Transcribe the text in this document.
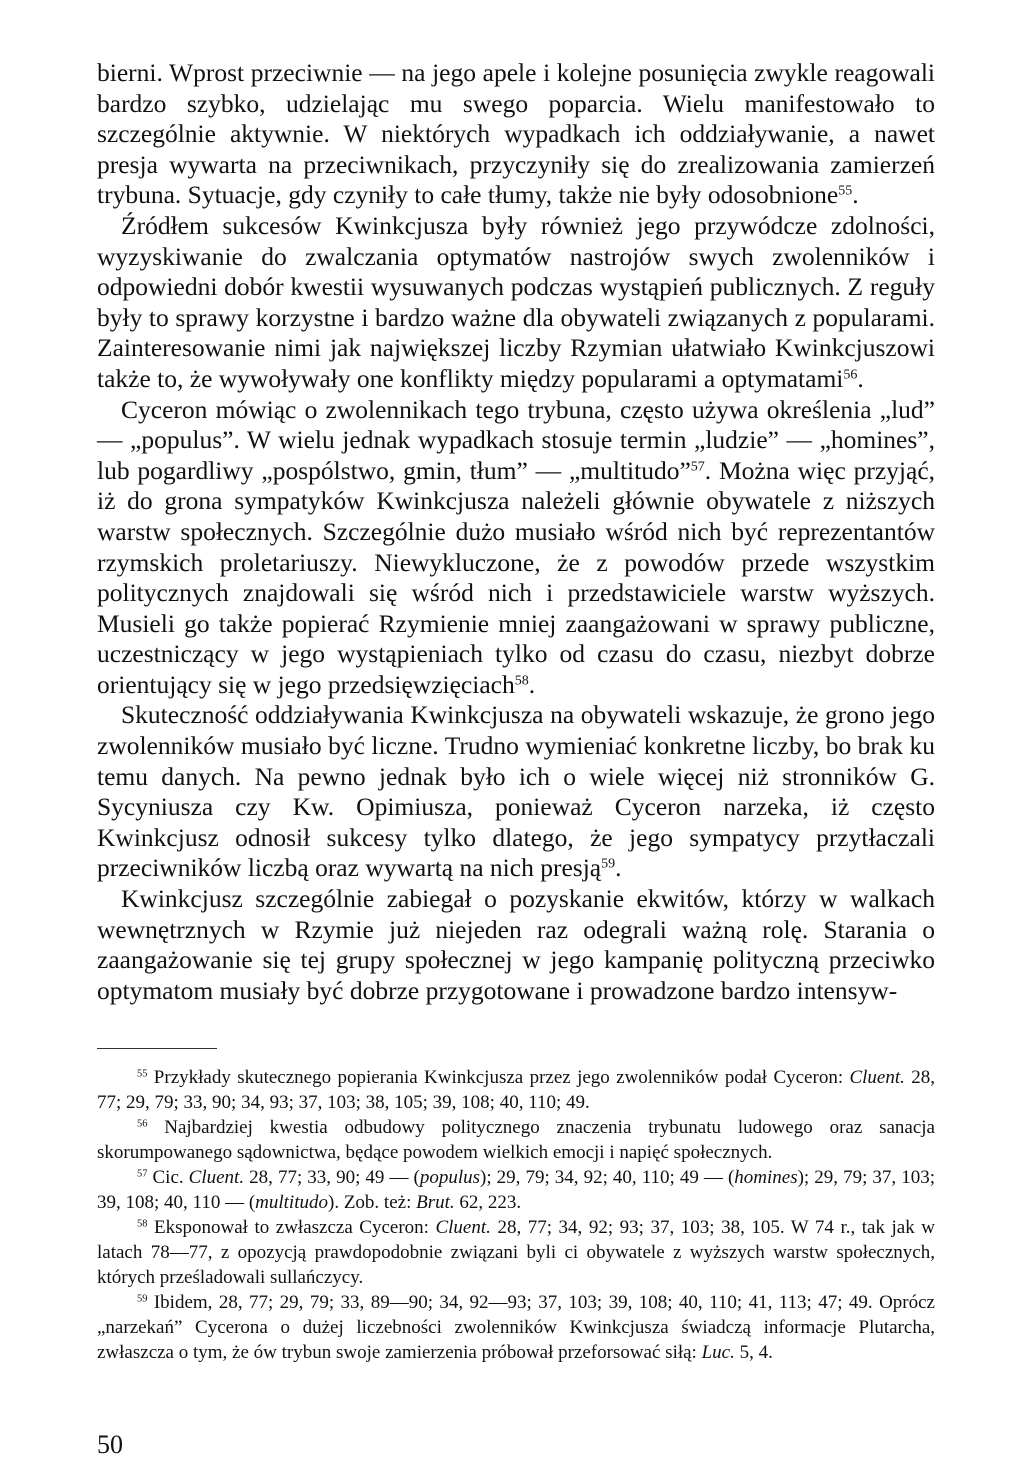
bierni. Wprost przeciwnie — na jego apele i kolejne posunięcia zwykle reagowali bardzo szybko, udzielając mu swego poparcia. Wielu manifestowało to szczególnie aktywnie. W niektórych wypadkach ich oddziaływanie, a nawet presja wywarta na przeciwnikach, przyczyniły się do zrealizowania zamierzeń trybuna. Sytuacje, gdy czyniły to całe tłumy, także nie były odosobnione$^{55}$.

Źródłem sukcesów Kwinkcjusza były również jego przywódcze zdolności, wyzyskiwanie do zwalczania optymatów nastrojów swych zwolenników i odpowiedni dobór kwestii wysuwanych podczas wystąpień publicznych. Z reguły były to sprawy korzystne i bardzo ważne dla obywateli związanych z popularami. Zainteresowanie nimi jak największej liczby Rzymian ułatwiało Kwinkcjuszowi także to, że wywoływały one konflikty między popularami a optymatami$^{56}$.

Cyceron mówiąc o zwolennikach tego trybuna, często używa określenia „lud” — „populus”. W wielu jednak wypadkach stosuje termin „ludzie” — „homines”, lub pogardliwy „pospólstwo, gmin, tłum” — „multitudo”$^{57}$. Można więc przyjąć, iż do grona sympatyków Kwinkcjusza należeli głównie obywatele z niższych warstw społecznych. Szczególnie dużo musiało wśród nich być reprezentantów rzymskich proletariuszy. Niewykluczone, że z powodów przede wszystkim politycznych znajdowali się wśród nich i przedstawiciele warstw wyższych. Musieli go także popierać Rzymienie mniej zaangażowani w sprawy publiczne, uczestniczący w jego wystąpieniach tylko od czasu do czasu, niezbyt dobrze orientujący się w jego przedsięwzięciach$^{58}$.

Skuteczność oddziaływania Kwinkcjusza na obywateli wskazuje, że grono jego zwolenników musiało być liczne. Trudno wymieniać konkretne liczby, bo brak ku temu danych. Na pewno jednak było ich o wiele więcej niż stronników G. Sycyniusza czy Kw. Opimiusza, ponieważ Cyceron narzeka, iż często Kwinkcjusz odnosił sukcesy tylko dlatego, że jego sympatycy przytłaczali przeciwników liczbą oraz wywartą na nich presją$^{59}$.

Kwinkcjusz szczególnie zabiegał o pozyskanie ekwitów, którzy w walkach wewnętrznych w Rzymie już niejeden raz odegrali ważną rolę. Starania o zaangażowanie się tej grupy społecznej w jego kampanię polityczną przeciwko optymatom musiały być dobrze przygotowane i prowadzone bardzo intensyw-

$^{55}$ Przykłady skutecznego popierania Kwinkcjusza przez jego zwolenników podał Cyceron: Cluent. 28, 77; 29, 79; 33, 90; 34, 93; 37, 103; 38, 105; 39, 108; 40, 110; 49.

$^{56}$ Najbardziej kwestia odbudowy politycznego znaczenia trybunatu ludowego oraz sanacja skorumpowanego sądownictwa, będące powodem wielkich emocji i napięć społecznych.

$^{57}$ Cic. Cluent. 28, 77; 33, 90; 49 — (populus); 29, 79; 34, 92; 40, 110; 49 — (homines); 29, 79; 37, 103; 39, 108; 40, 110 — (multitudo). Zob. też: Brut. 62, 223.

$^{58}$ Eksponował to zwłaszcza Cyceron: Cluent. 28, 77; 34, 92; 93; 37, 103; 38, 105. W 74 r., tak jak w latach 78—77, z opozycją prawdopodobnie związani byli ci obywatele z wyższych warstw społecznych, których prześladowali sullańczycy.

$^{59}$ Ibidem, 28, 77; 29, 79; 33, 89—90; 34, 92—93; 37, 103; 39, 108; 40, 110; 41, 113; 47; 49. Oprócz „narzekań” Cycerona o dużej liczebności zwolenników Kwinkcjusza świadczą informacje Plutarcha, zwłaszcza o tym, że ów trybun swoje zamierzenia próbował przeforsować siłą: Luc. 5, 4.

50
